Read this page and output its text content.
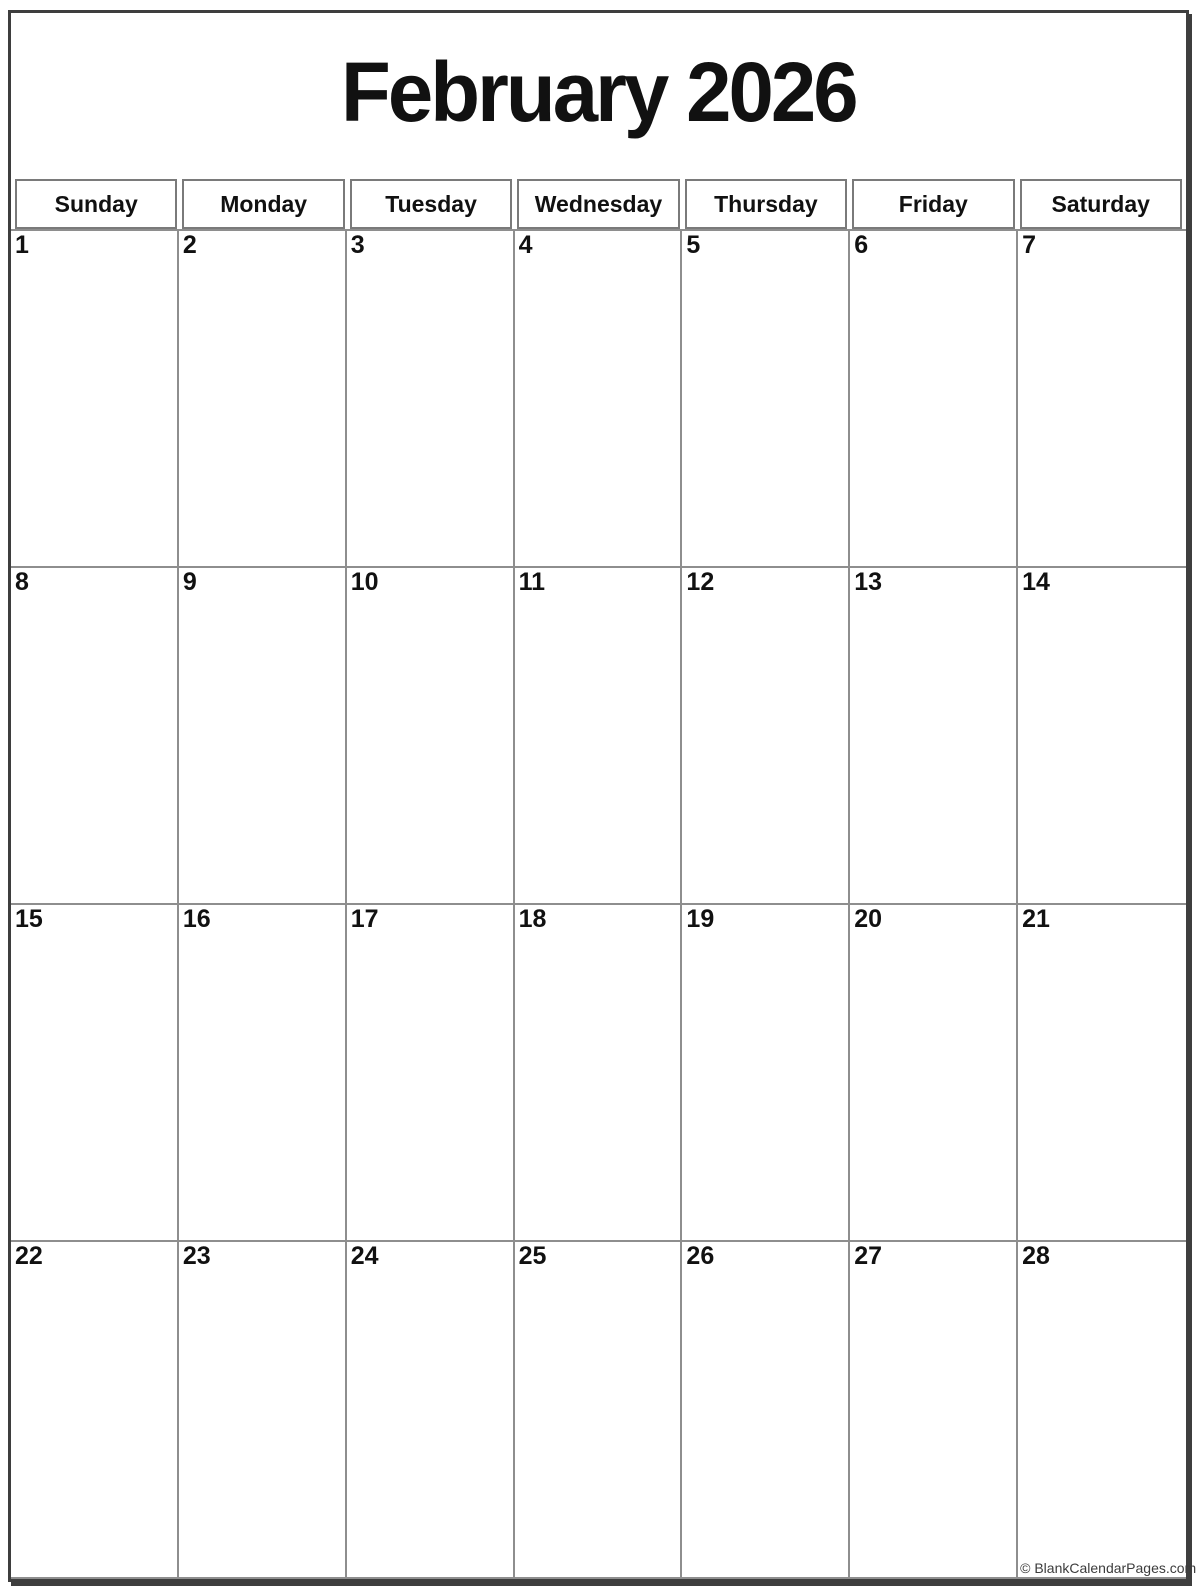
February 2026
Sunday	Monday	Tuesday	Wednesday	Thursday	Friday	Saturday
1	2	3	4	5	6	7
8	9	10	11	12	13	14
15	16	17	18	19	20	21
22	23	24	25	26	27	28
© BlankCalendarPages.com
